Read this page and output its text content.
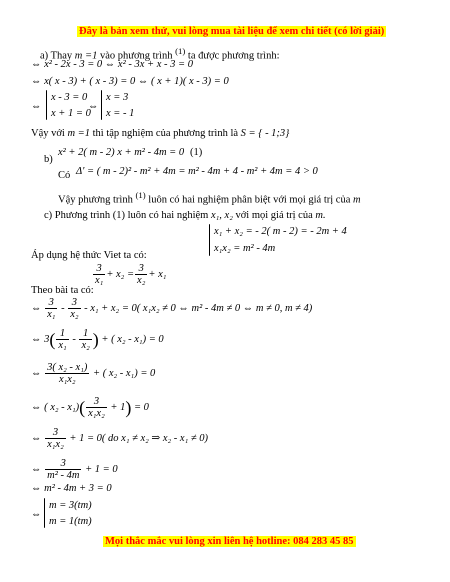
Đây là bản xem thử, vui lòng mua tài liệu để xem chi tiết (có lời giải)
a) Thay m =1 vào phương trình $^{(1)}$ ta được phương trình:
⇔ x² - 2x - 3 = 0 ⇔ x² - 3x + x - 3 = 0
⇔ x( x - 3) + ( x - 3) = 0 ⇔ ( x + 1)( x - 3) = 0
⇔
x - 3 = 0
x + 1 = 0
⇔
x = 3
x = - 1
Vậy với m =1 thì tập nghiệm của phương trình là S = { - 1;3}
b)
x² + 2( m - 2) x + m² - 4m = 0 (1)
Có Δ' = ( m - 2)² - m² + 4m = m² - 4m + 4 - m² + 4m = 4 > 0
Vậy phương trình $^{(1)}$ luôn có hai nghiệm phân biệt với mọi giá trị của m
c) Phương trình (1) luôn có hai nghiệm x₁, x₂ với mọi giá trị của m.
Áp dụng hệ thức Viet ta có:
x₁ + x₂ = - 2( m - 2) = - 2m + 4
x₁x₂ = m² - 4m
$\frac{3}{\text{x₁}} + x_2 = \frac{3}{\text{x₂}} + x_1$
Theo bài ta có:
⇔ $\frac{3}{\text{x₁}} - \frac{3}{\text{x₂}} - x_1 + x_2 = 0$( x₁x₂ ≠ 0 ⇔ m² - 4m ≠ 0 ⇔ m ≠ 0, m ≠ 4)
⇔ $3( \frac{1}{\text{x₁}} - \frac{1}{\text{x₂}}$ ) + ( x₂ - x₁) = 0
⇔ $\frac{\text{3( x₂ - x₁)}}{\text{x₁x₂}}$ + ( x₂ - x₁) = 0
⇔ ( $x_2 - x_1)( \frac{3}{\text{x₁x₂}} + 1) = 0$
⇔ $\frac{3}{\text{x₁x₂}} + 1 = 0$( do x₁ ≠ x₂ ⇒ x₂ - x₁ ≠ 0)
⇔ $\frac{3}{\text{m² - 4m}} + 1 = 0$
⇔ m² - 4m + 3 = 0
⇔
m = 3(tm)
m = 1(tm)
Mọi thắc mắc vui lòng xin liên hệ hotline: 084 283 45 85
